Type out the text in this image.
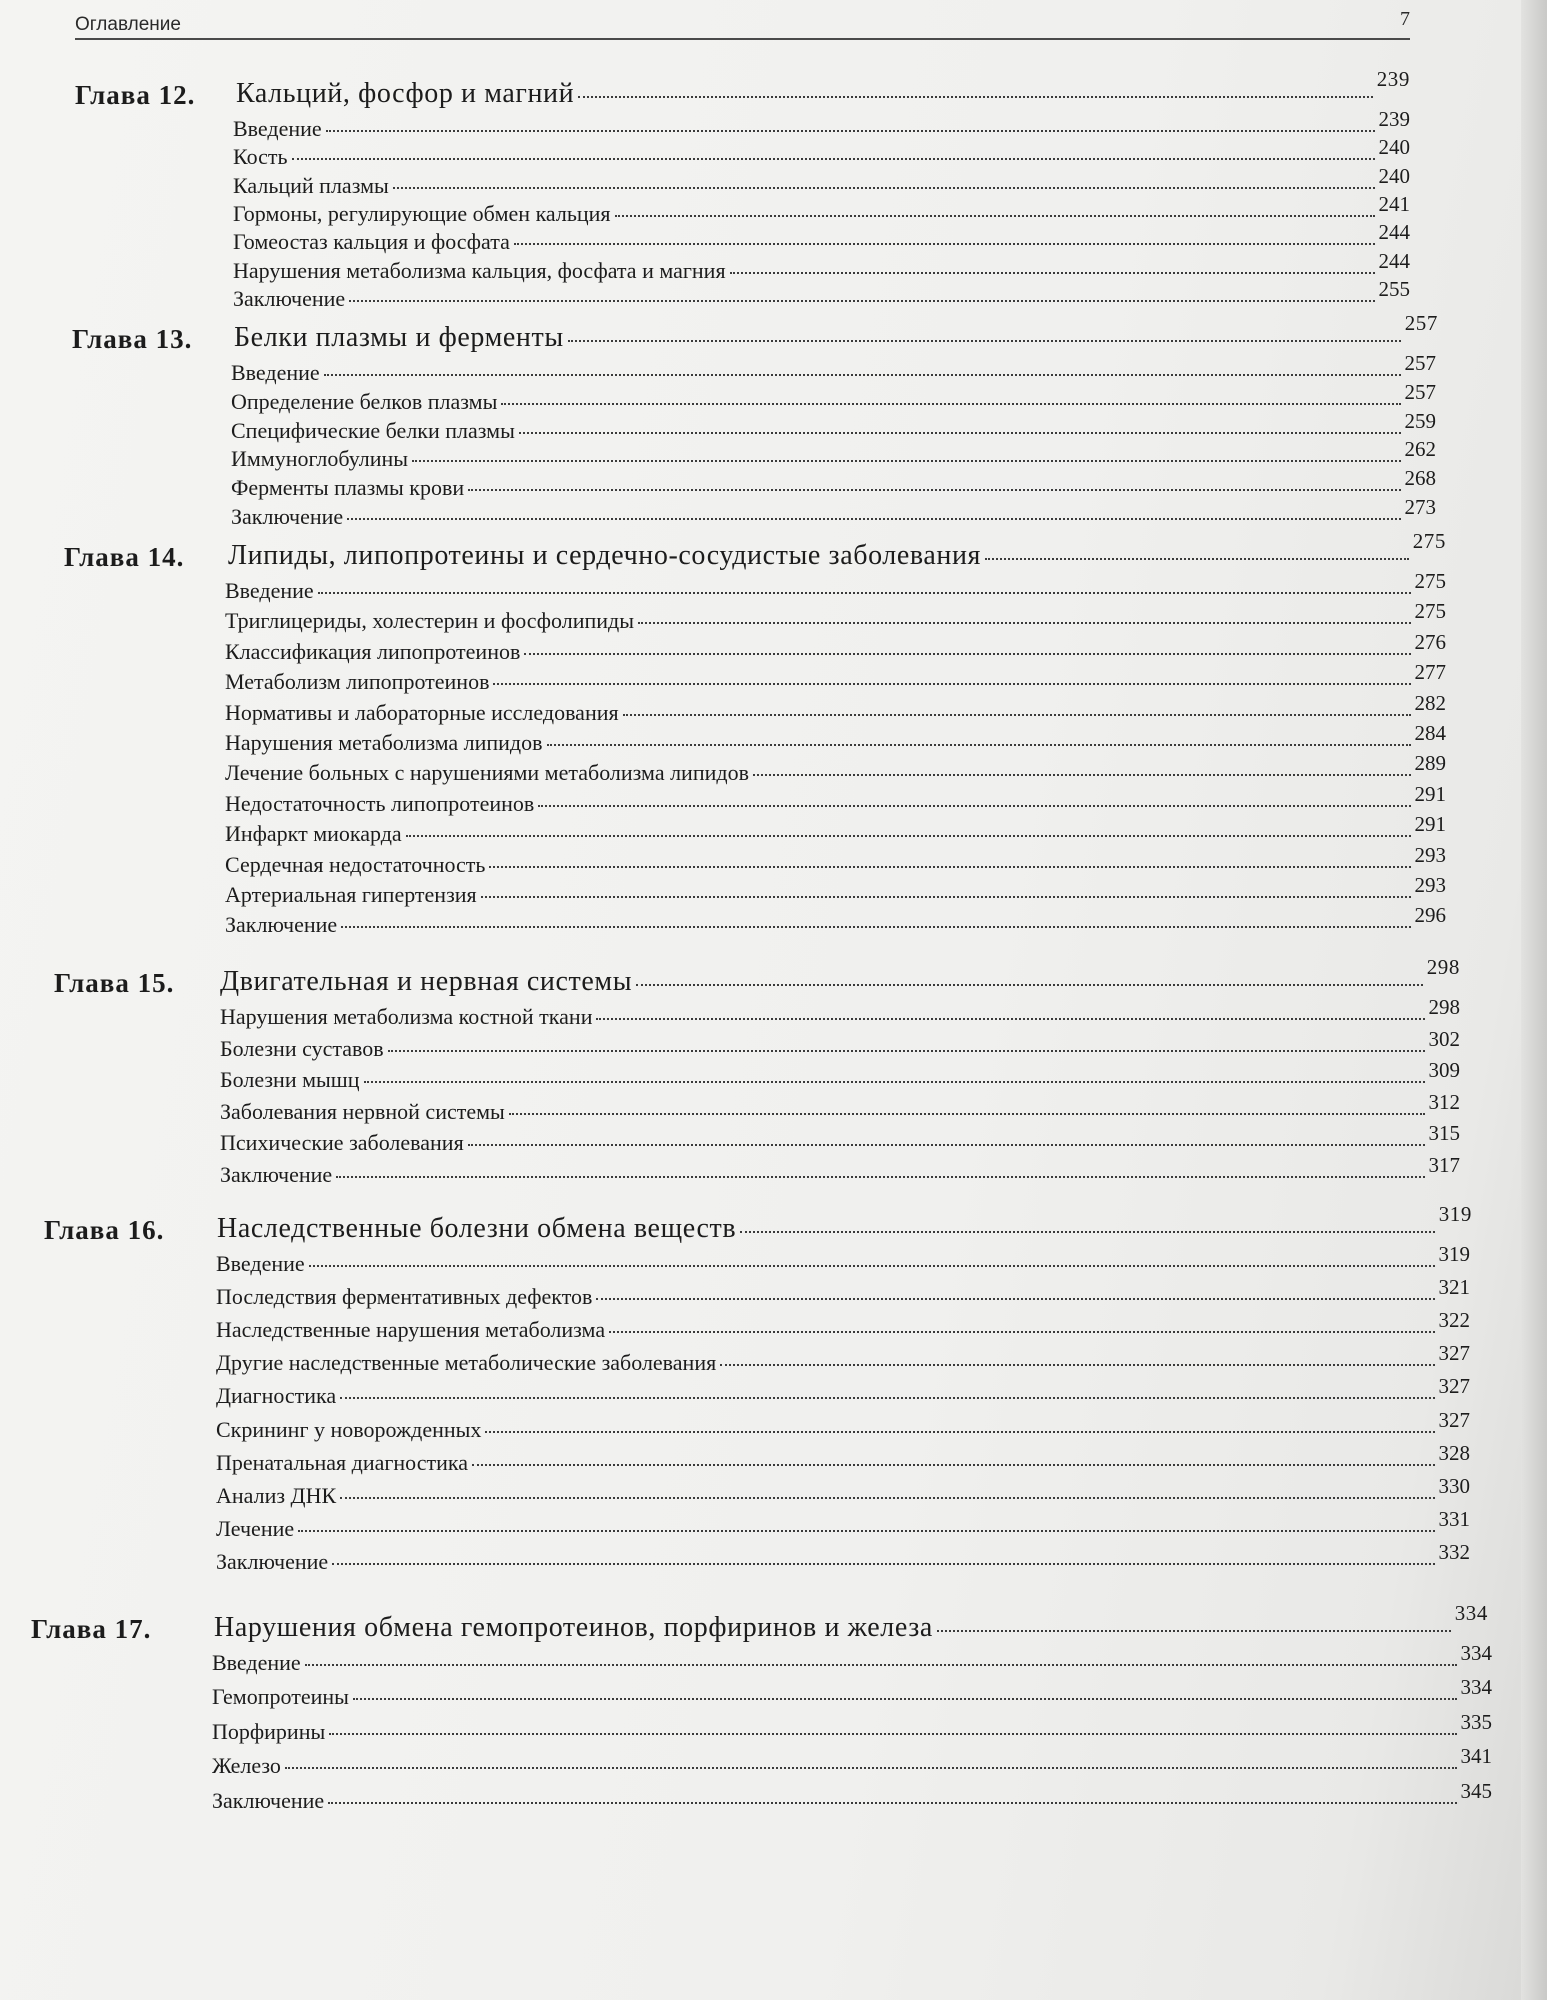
Оглавление	7
Глава 12. Кальций, фосфор и магний	239
Введение	239
Кость	240
Кальций плазмы	240
Гормоны, регулирующие обмен кальция	241
Гомеостаз кальция и фосфата	244
Нарушения метаболизма кальция, фосфата и магния	244
Заключение	255
Глава 13. Белки плазмы и ферменты	257
Введение	257
Определение белков плазмы	257
Специфические белки плазмы	259
Иммуноглобулины	262
Ферменты плазмы крови	268
Заключение	273
Глава 14. Липиды, липопротеины и сердечно-сосудистые заболевания	275
Введение	275
Триглицериды, холестерин и фосфолипиды	275
Классификация липопротеинов	276
Метаболизм липопротеинов	277
Нормативы и лабораторные исследования	282
Нарушения метаболизма липидов	284
Лечение больных с нарушениями метаболизма липидов	289
Недостаточность липопротеинов	291
Инфаркт миокарда	291
Сердечная недостаточность	293
Артериальная гипертензия	293
Заключение	296
Глава 15. Двигательная и нервная системы	298
Нарушения метаболизма костной ткани	298
Болезни суставов	302
Болезни мышц	309
Заболевания нервной системы	312
Психические заболевания	315
Заключение	317
Глава 16. Наследственные болезни обмена веществ	319
Введение	319
Последствия ферментативных дефектов	321
Наследственные нарушения метаболизма	322
Другие наследственные метаболические заболевания	327
Диагностика	327
Скрининг у новорожденных	327
Пренатальная диагностика	328
Анализ ДНК	330
Лечение	331
Заключение	332
Глава 17. Нарушения обмена гемопротеинов, порфиринов и железа	334
Введение	334
Гемопротеины	334
Порфирины	335
Железо	341
Заключение	345
